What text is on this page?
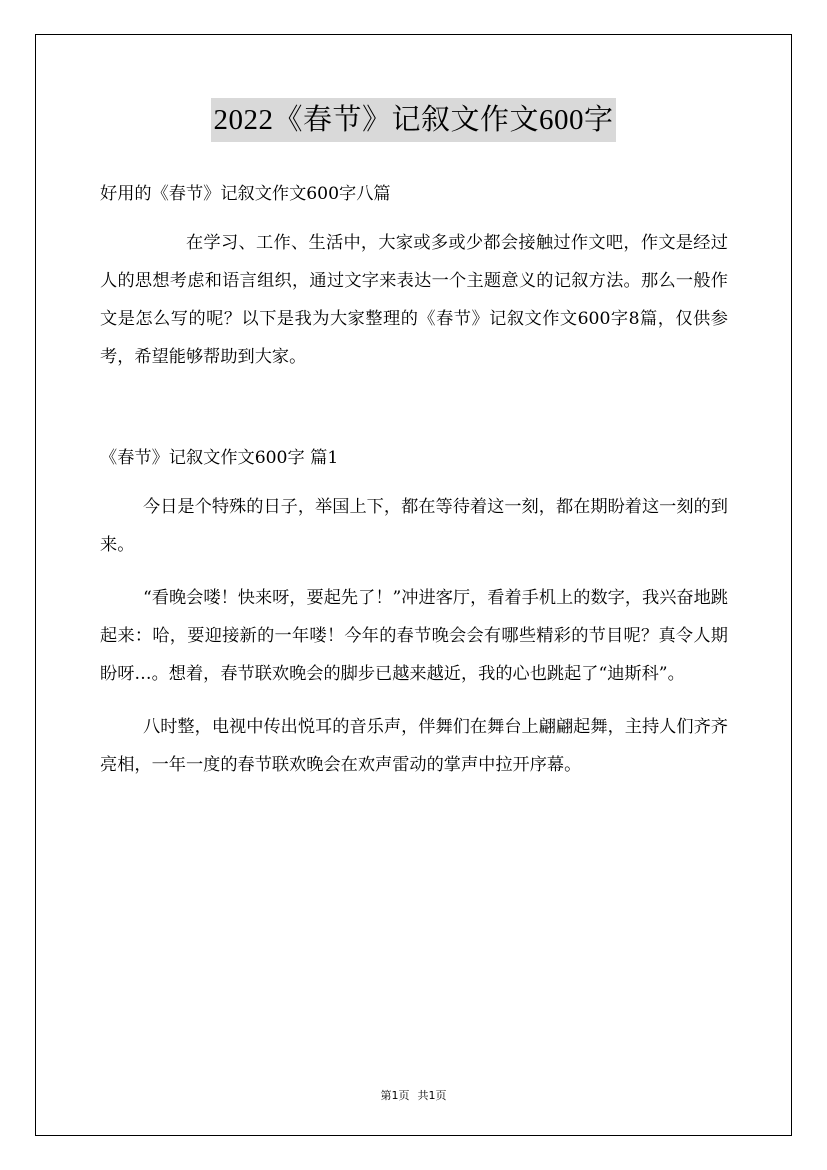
2022《春节》记叙文作文600字

好用的《春节》记叙文作文600字八篇

在学习、工作、生活中，大家或多或少都会接触过作文吧，作文是经过人的思想考虑和语言组织，通过文字来表达一个主题意义的记叙方法。那么一般作文是怎么写的呢？以下是我为大家整理的《春节》记叙文作文600字8篇，仅供参考，希望能够帮助到大家。

《春节》记叙文作文600字 篇1

今日是个特殊的日子，举国上下，都在等待着这一刻，都在期盼着这一刻的到来。

“看晚会喽！快来呀，要起先了！”冲进客厅，看着手机上的数字，我兴奋地跳起来：哈，要迎接新的一年喽！今年的春节晚会会有哪些精彩的节目呢？真令人期盼呀…。想着，春节联欢晚会的脚步已越来越近，我的心也跳起了“迪斯科”。

八时整，电视中传出悦耳的音乐声，伴舞们在舞台上翩翩起舞，主持人们齐齐亮相，一年一度的春节联欢晚会在欢声雷动的掌声中拉开序幕。

第1页 共1页
